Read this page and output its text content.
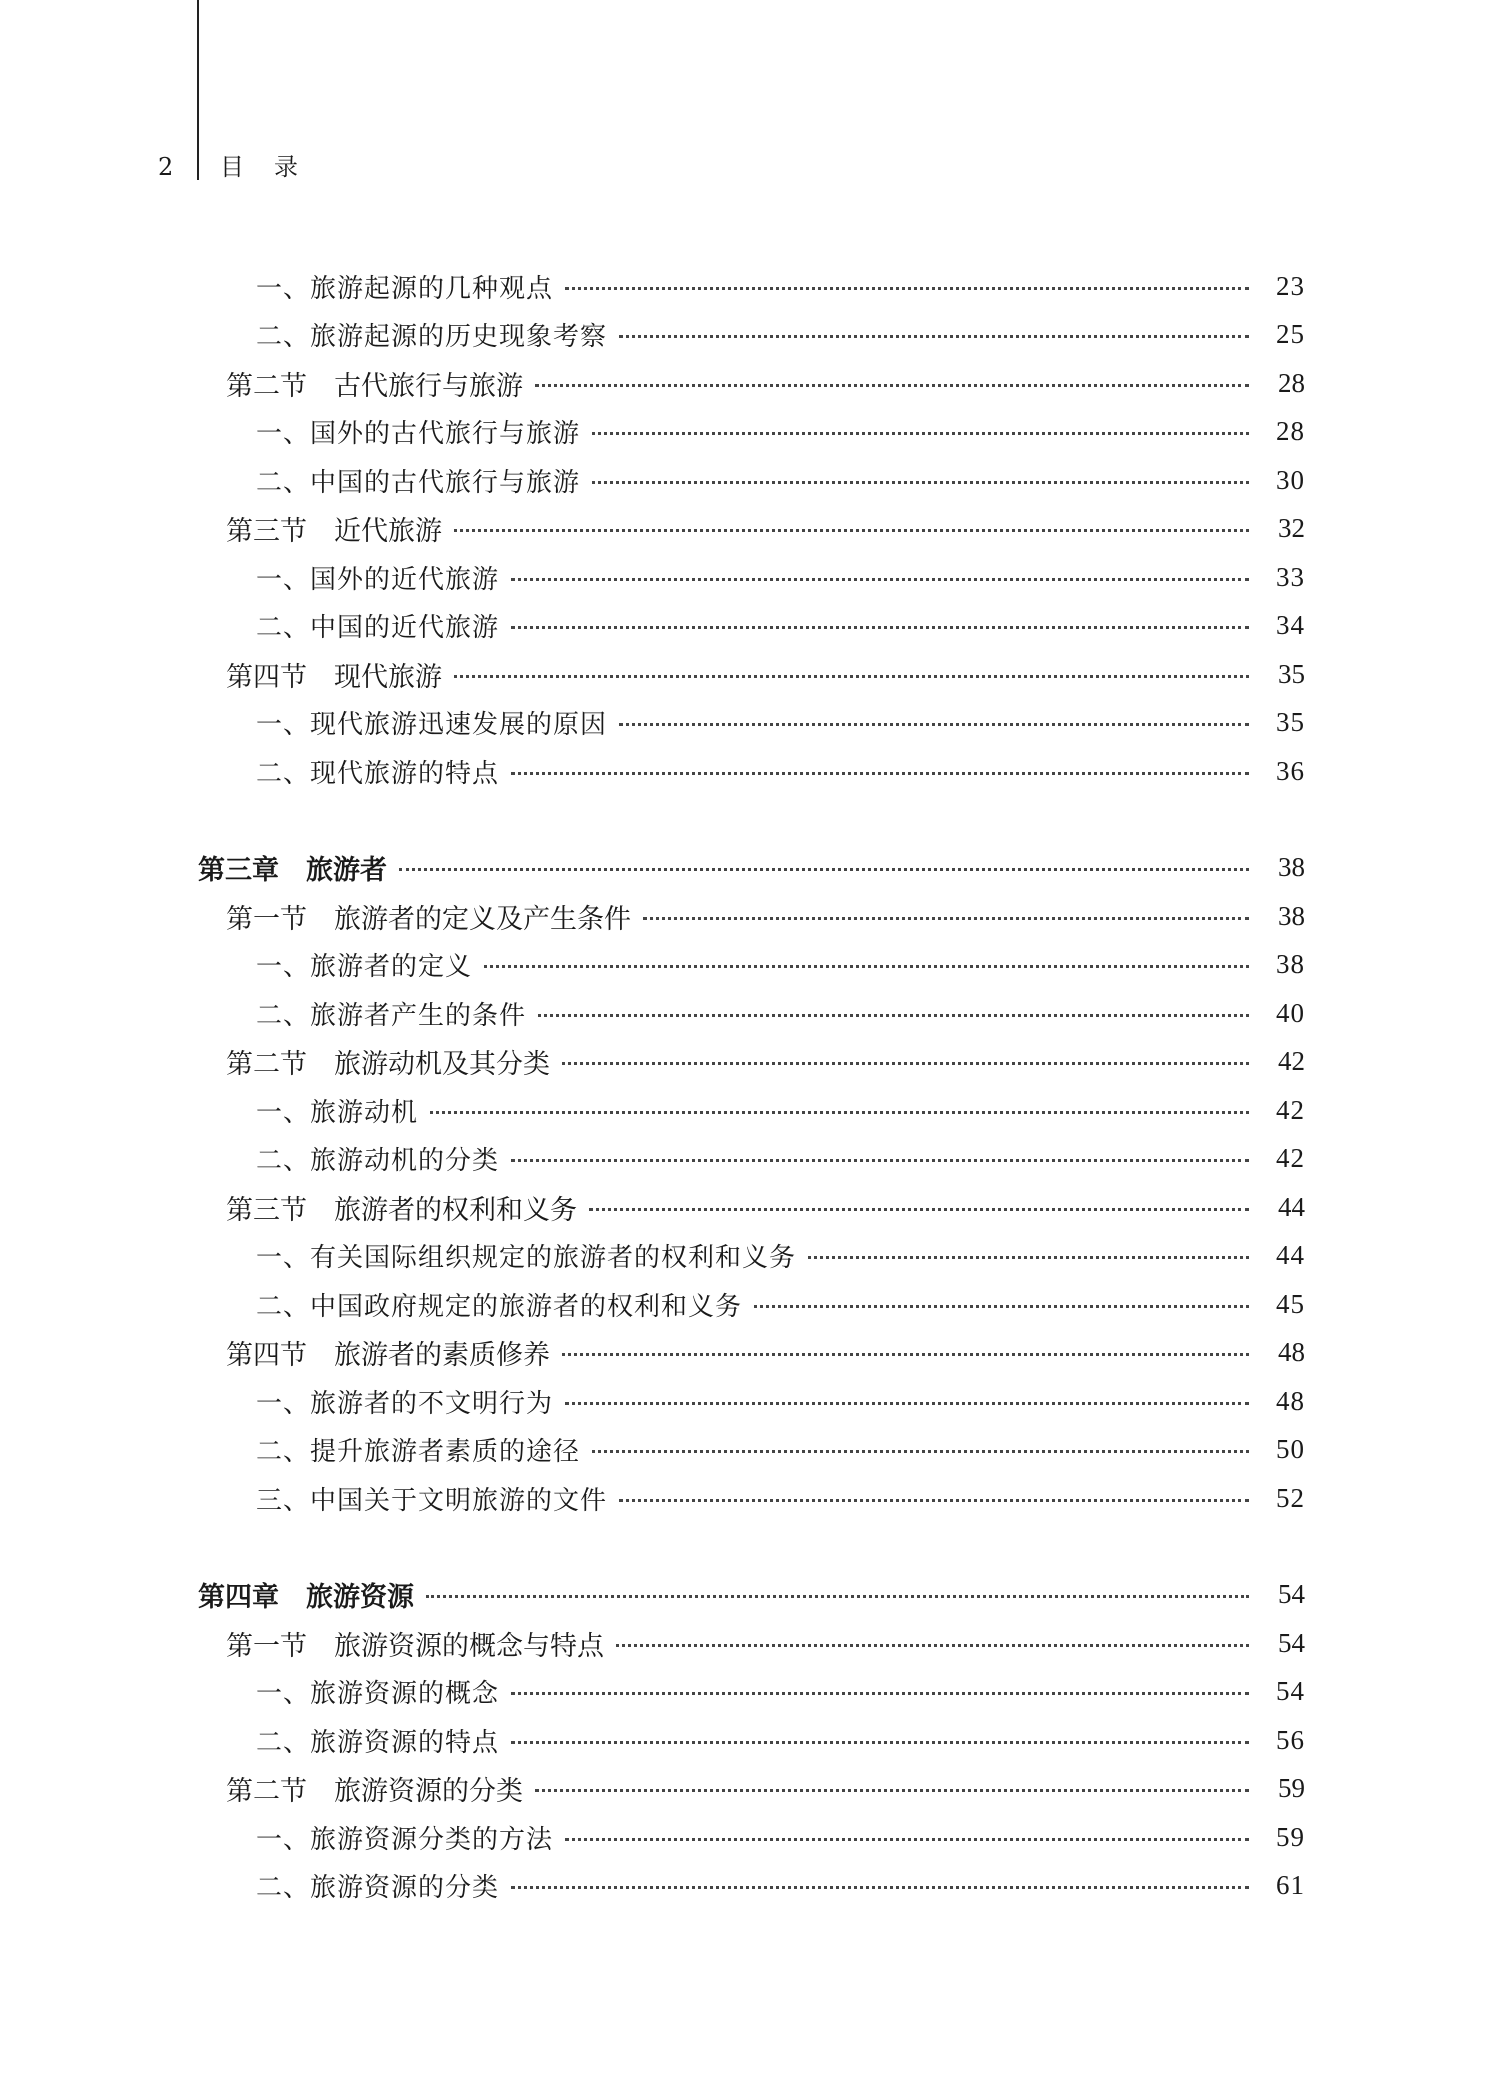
2 目录
一、旅游起源的几种观点	23
二、旅游起源的历史现象考察	25
第二节　古代旅行与旅游	28
一、国外的古代旅行与旅游	28
二、中国的古代旅行与旅游	30
第三节　近代旅游	32
一、国外的近代旅游	33
二、中国的近代旅游	34
第四节　现代旅游	35
一、现代旅游迅速发展的原因	35
二、现代旅游的特点	36
第三章　旅游者	38
第一节　旅游者的定义及产生条件	38
一、旅游者的定义	38
二、旅游者产生的条件	40
第二节　旅游动机及其分类	42
一、旅游动机	42
二、旅游动机的分类	42
第三节　旅游者的权利和义务	44
一、有关国际组织规定的旅游者的权利和义务	44
二、中国政府规定的旅游者的权利和义务	45
第四节　旅游者的素质修养	48
一、旅游者的不文明行为	48
二、提升旅游者素质的途径	50
三、中国关于文明旅游的文件	52
第四章　旅游资源	54
第一节　旅游资源的概念与特点	54
一、旅游资源的概念	54
二、旅游资源的特点	56
第二节　旅游资源的分类	59
一、旅游资源分类的方法	59
二、旅游资源的分类	61
